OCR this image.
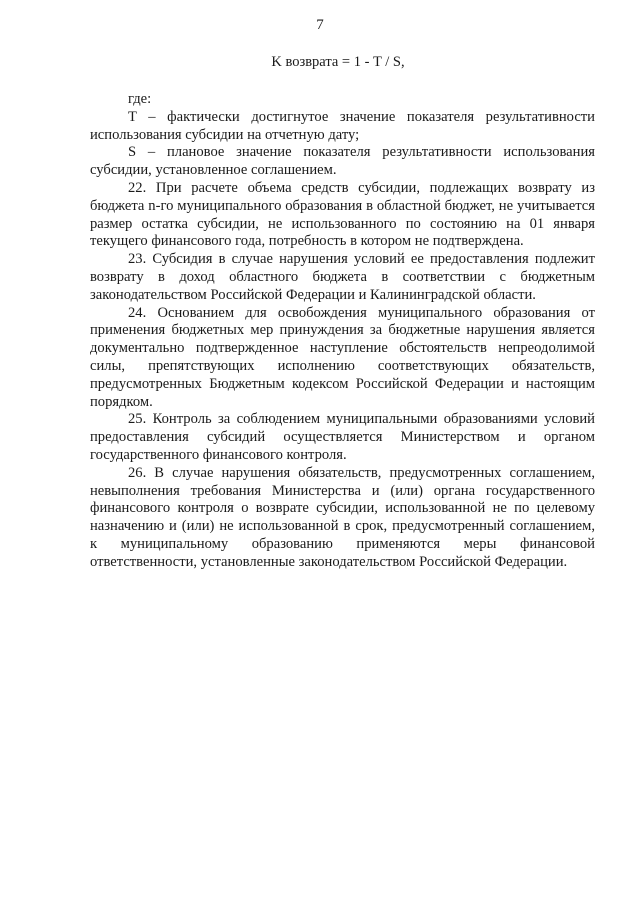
7
K возврата = 1 - T / S,

где:

T – фактически достигнутое значение показателя результативности использования субсидии на отчетную дату;

S – плановое значение показателя результативности использования субсидии, установленное соглашением.

22. При расчете объема средств субсидии, подлежащих возврату из бюджета n-го муниципального образования в областной бюджет, не учитывается размер остатка субсидии, не использованного по состоянию на 01 января текущего финансового года, потребность в котором не подтверждена.

23. Субсидия в случае нарушения условий ее предоставления подлежит возврату в доход областного бюджета в соответствии с бюджетным законодательством Российской Федерации и Калининградской области.

24. Основанием для освобождения муниципального образования от применения бюджетных мер принуждения за бюджетные нарушения является документально подтвержденное наступление обстоятельств непреодолимой силы, препятствующих исполнению соответствующих обязательств, предусмотренных Бюджетным кодексом Российской Федерации и настоящим порядком.

25. Контроль за соблюдением муниципальными образованиями условий предоставления субсидий осуществляется Министерством и органом государственного финансового контроля.

26. В случае нарушения обязательств, предусмотренных соглашением, невыполнения требования Министерства и (или) органа государственного финансового контроля о возврате субсидии, использованной не по целевому назначению и (или) не использованной в срок, предусмотренный соглашением, к муниципальному образованию применяются меры финансовой ответственности, установленные законодательством Российской Федерации.
